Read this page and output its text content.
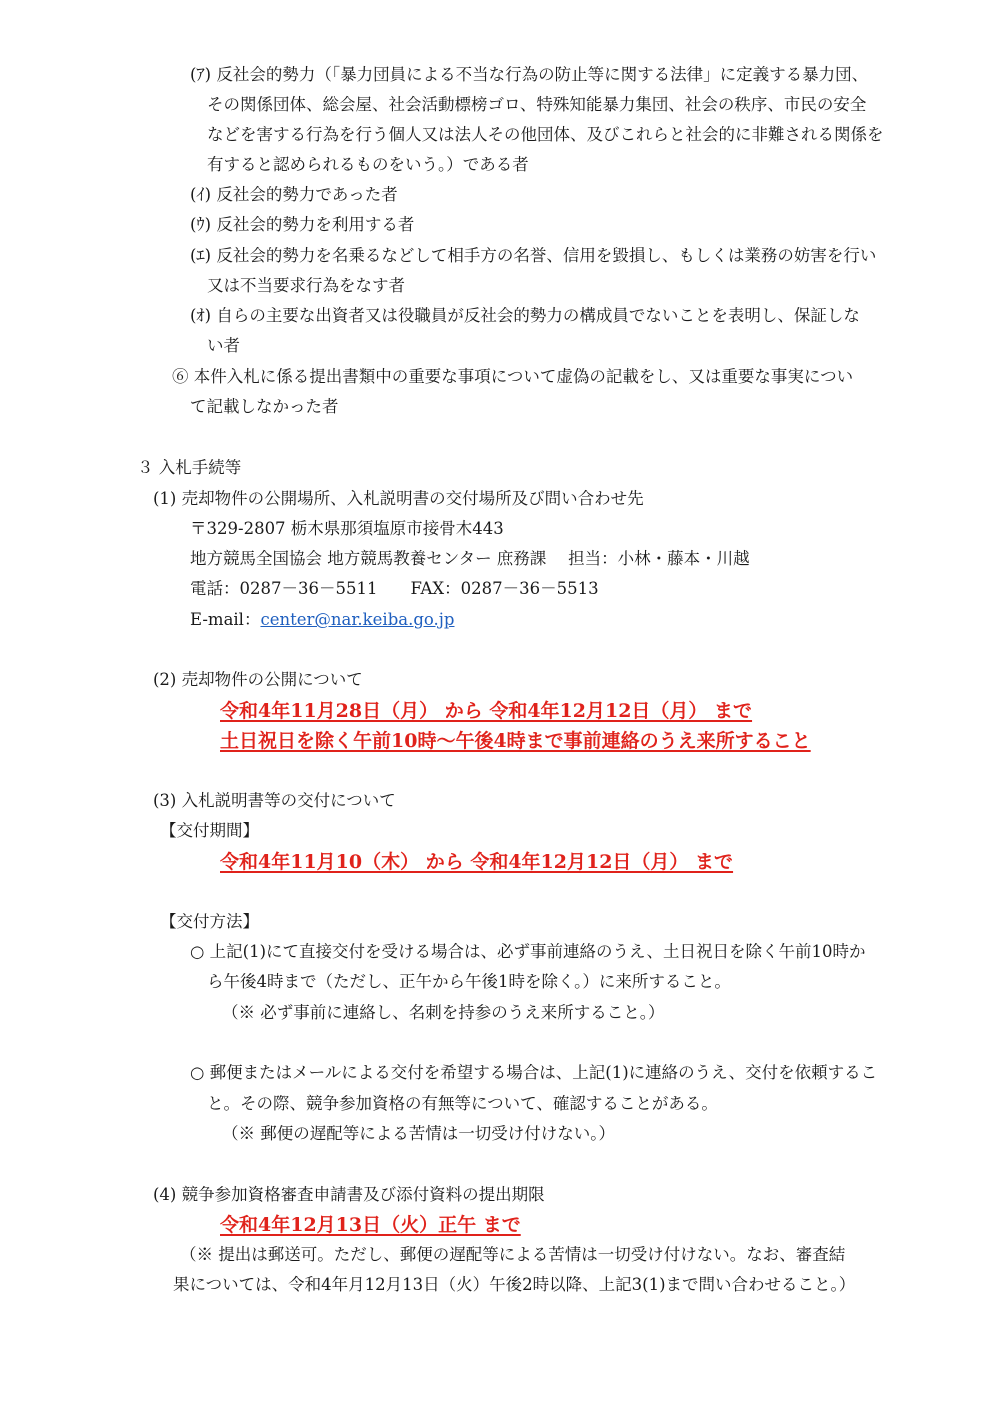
(ｱ) 反社会的勢力（「暴力団員による不当な行為の防止等に関する法律」に定義する暴力団、
その関係団体、総会屋、社会活動標榜ゴロ、特殊知能暴力集団、社会の秩序、市民の安全
などを害する行為を行う個人又は法人その他団体、及びこれらと社会的に非難される関係を
有すると認められるものをいう。）である者
(ｲ) 反社会的勢力であった者
(ｳ) 反社会的勢力を利用する者
(ｴ) 反社会的勢力を名乗るなどして相手方の名誉、信用を毀損し、もしくは業務の妨害を行い
又は不当要求行為をなす者
(ｵ) 自らの主要な出資者又は役職員が反社会的勢力の構成員でないことを表明し、保証しな
い者
⑥ 本件入札に係る提出書類中の重要な事項について虚偽の記載をし、又は重要な事実につい
て記載しなかった者
３ 入札手続等
(1) 売却物件の公開場所、入札説明書の交付場所及び問い合わせ先
〒329-2807 栃木県那須塩原市接骨木443
地方競馬全国協会 地方競馬教養センター 庶務課　 担当：小林・藤本・川越
電話：0287－36－5511　　FAX：0287－36－5513
E-mail：center@nar.keiba.go.jp
(2) 売却物件の公開について
令和4年11月28日（月） から 令和4年12月12日（月） まで
土日祝日を除く午前10時～午後4時まで事前連絡のうえ来所すること
(3) 入札説明書等の交付について
【交付期間】
令和4年11月10（木） から 令和4年12月12日（月） まで
【交付方法】
○ 上記(1)にて直接交付を受ける場合は、必ず事前連絡のうえ、土日祝日を除く午前10時か
ら午後4時まで（ただし、正午から午後1時を除く。）に来所すること。
（※ 必ず事前に連絡し、名刺を持参のうえ来所すること。）
○ 郵便またはメールによる交付を希望する場合は、上記(1)に連絡のうえ、交付を依頼するこ
と。その際、競争参加資格の有無等について、確認することがある。
（※ 郵便の遅配等による苦情は一切受け付けない。）
(4) 競争参加資格審査申請書及び添付資料の提出期限
令和4年12月13日（火）正午 まで
（※ 提出は郵送可。ただし、郵便の遅配等による苦情は一切受け付けない。なお、審査結
果については、令和4年月12月13日（火）午後2時以降、上記3(1)まで問い合わせること。）
